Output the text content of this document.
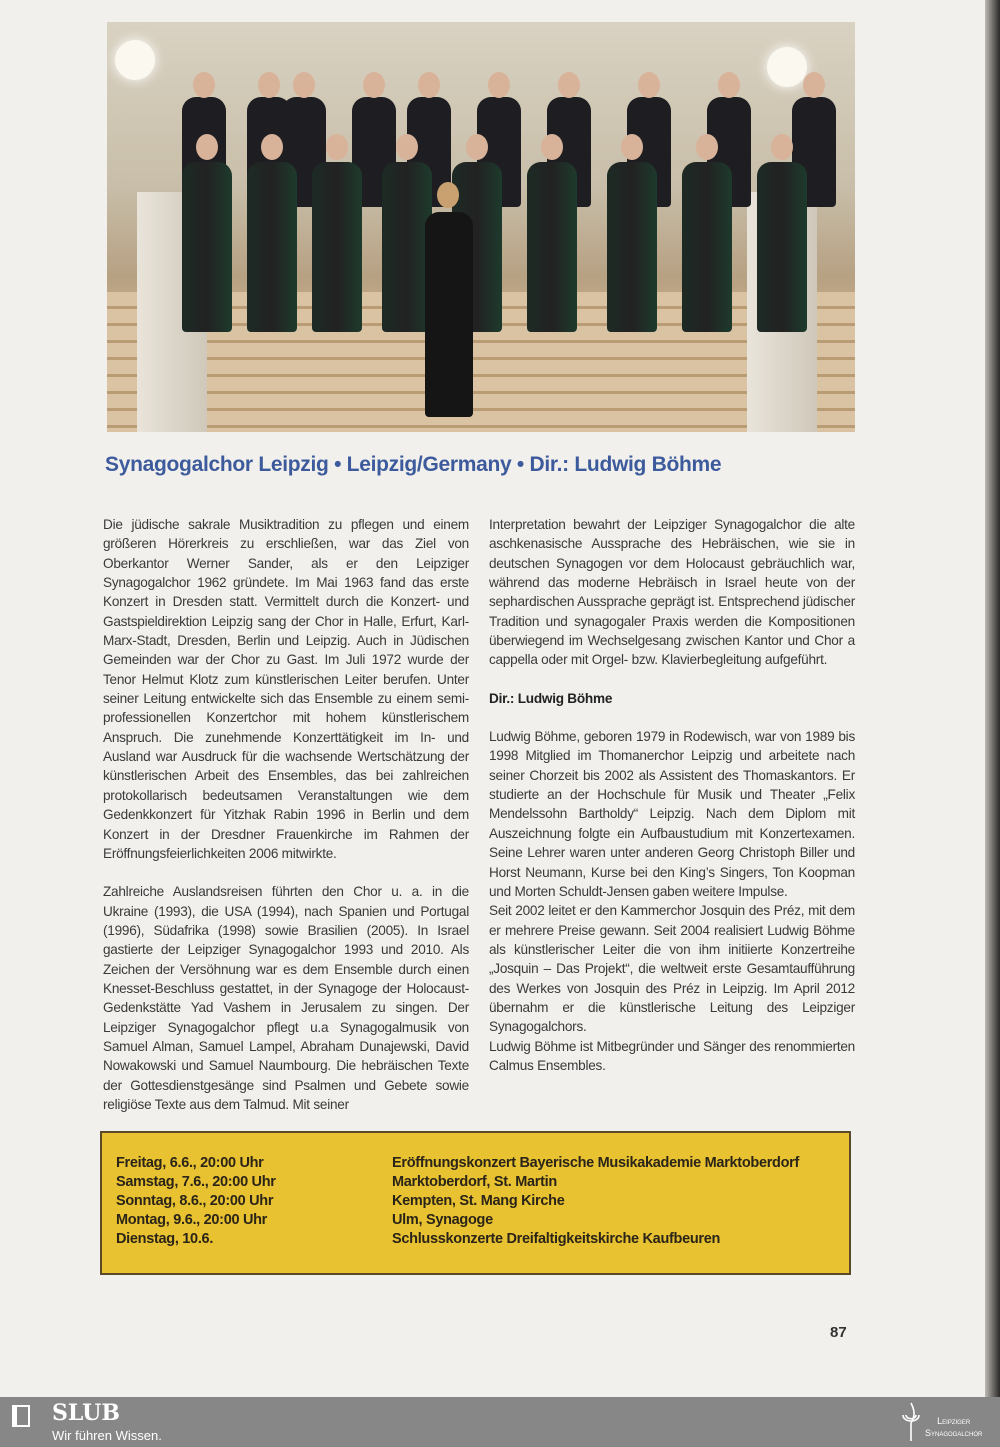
Synagogalchor Leipzig • Leipzig/Germany • Dir.: Ludwig Böhme

Die jüdische sakrale Musiktradition zu pflegen und einem größeren Hörerkreis zu erschließen, war das Ziel von Oberkantor Werner Sander, als er den Leipziger Synagogalchor 1962 gründete. Im Mai 1963 fand das erste Konzert in Dresden statt. Vermittelt durch die Konzert- und Gastspieldirektion Leipzig sang der Chor in Halle, Erfurt, Karl-Marx-Stadt, Dresden, Berlin und Leipzig. Auch in Jüdischen Gemeinden war der Chor zu Gast. Im Juli 1972 wurde der Tenor Helmut Klotz zum künstlerischen Leiter berufen. Unter seiner Leitung entwickelte sich das Ensemble zu einem semi-professionellen Konzertchor mit hohem künstlerischem Anspruch. Die zunehmende Konzerttätigkeit im In- und Ausland war Ausdruck für die wachsende Wertschätzung der künstlerischen Arbeit des Ensembles, das bei zahlreichen protokollarisch bedeutsamen Veranstaltungen wie dem Gedenkkonzert für Yitzhak Rabin 1996 in Berlin und dem Konzert in der Dresdner Frauenkirche im Rahmen der Eröffnungsfeierlichkeiten 2006 mitwirkte.

Zahlreiche Auslandsreisen führten den Chor u. a. in die Ukraine (1993), die USA (1994), nach Spanien und Portugal (1996), Südafrika (1998) sowie Brasilien (2005). In Israel gastierte der Leipziger Synagogalchor 1993 und 2010. Als Zeichen der Versöhnung war es dem Ensemble durch einen Knesset-Beschluss gestattet, in der Synagoge der Holocaust-Gedenkstätte Yad Vashem in Jerusalem zu singen. Der Leipziger Synagogalchor pflegt u.a Synagogalmusik von Samuel Alman, Samuel Lampel, Abraham Dunajewski, David Nowakowski und Samuel Naumbourg. Die hebräischen Texte der Gottesdienstgesänge sind Psalmen und Gebete sowie religiöse Texte aus dem Talmud. Mit seiner

Interpretation bewahrt der Leipziger Synagogalchor die alte aschkenasische Aussprache des Hebräischen, wie sie in deutschen Synagogen vor dem Holocaust gebräuchlich war, während das moderne Hebräisch in Israel heute von der sephardischen Aussprache geprägt ist. Entsprechend jüdischer Tradition und synagogaler Praxis werden die Kompositionen überwiegend im Wechselgesang zwischen Kantor und Chor a cappella oder mit Orgel- bzw. Klavierbegleitung aufgeführt.

Dir.: Ludwig Böhme

Ludwig Böhme, geboren 1979 in Rodewisch, war von 1989 bis 1998 Mitglied im Thomanerchor Leipzig und arbeitete nach seiner Chorzeit bis 2002 als Assistent des Thomaskantors. Er studierte an der Hochschule für Musik und Theater „Felix Mendelssohn Bartholdy“ Leipzig. Nach dem Diplom mit Auszeichnung folgte ein Aufbaustudium mit Konzertexamen. Seine Lehrer waren unter anderen Georg Christoph Biller und Horst Neumann, Kurse bei den King’s Singers, Ton Koopman und Morten Schuldt-Jensen gaben weitere Impulse.

Seit 2002 leitet er den Kammerchor Josquin des Préz, mit dem er mehrere Preise gewann. Seit 2004 realisiert Ludwig Böhme als künstlerischer Leiter die von ihm initiierte Konzertreihe „Josquin – Das Projekt“, die weltweit erste Gesamtaufführung des Werkes von Josquin des Préz in Leipzig. Im April 2012 übernahm er die künstlerische Leitung des Leipziger Synagogalchors.

Ludwig Böhme ist Mitbegründer und Sänger des renommierten Calmus Ensembles.

Freitag, 6.6., 20:00 Uhr	Eröffnungskonzert Bayerische Musikakademie Marktoberdorf
Samstag, 7.6., 20:00 Uhr	Marktoberdorf, St. Martin
Sonntag, 8.6., 20:00 Uhr	Kempten, St. Mang Kirche
Montag, 9.6., 20:00 Uhr	Ulm, Synagoge
Dienstag, 10.6.	Schlusskonzerte Dreifaltigkeitskirche Kaufbeuren
87
SLUB
Wir führen Wissen.
Leipziger
Synagogalchor
